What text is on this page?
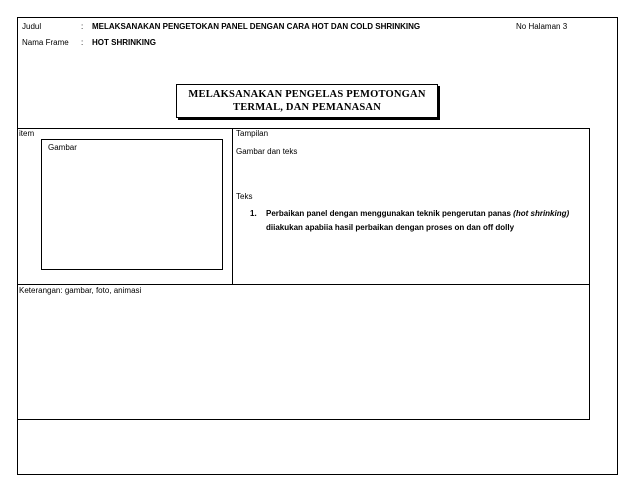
Judul	: MELAKSANAKAN PENGETOKAN PANEL DENGAN CARA HOT DAN COLD SHRINKING	No Halaman 3
Nama Frame : HOT SHRINKING
MELAKSANAKAN PENGELAS PEMOTONGAN
TERMAL, DAN PEMANASAN
item
Gambar
Tampilan
Gambar dan teks
Teks
1. Perbaikan panel dengan menggunakan teknik pengerutan panas (hot shrinking) diiakukan apabiia hasil perbaikan dengan proses on dan off dolly
Keterangan: gambar, foto, animasi
